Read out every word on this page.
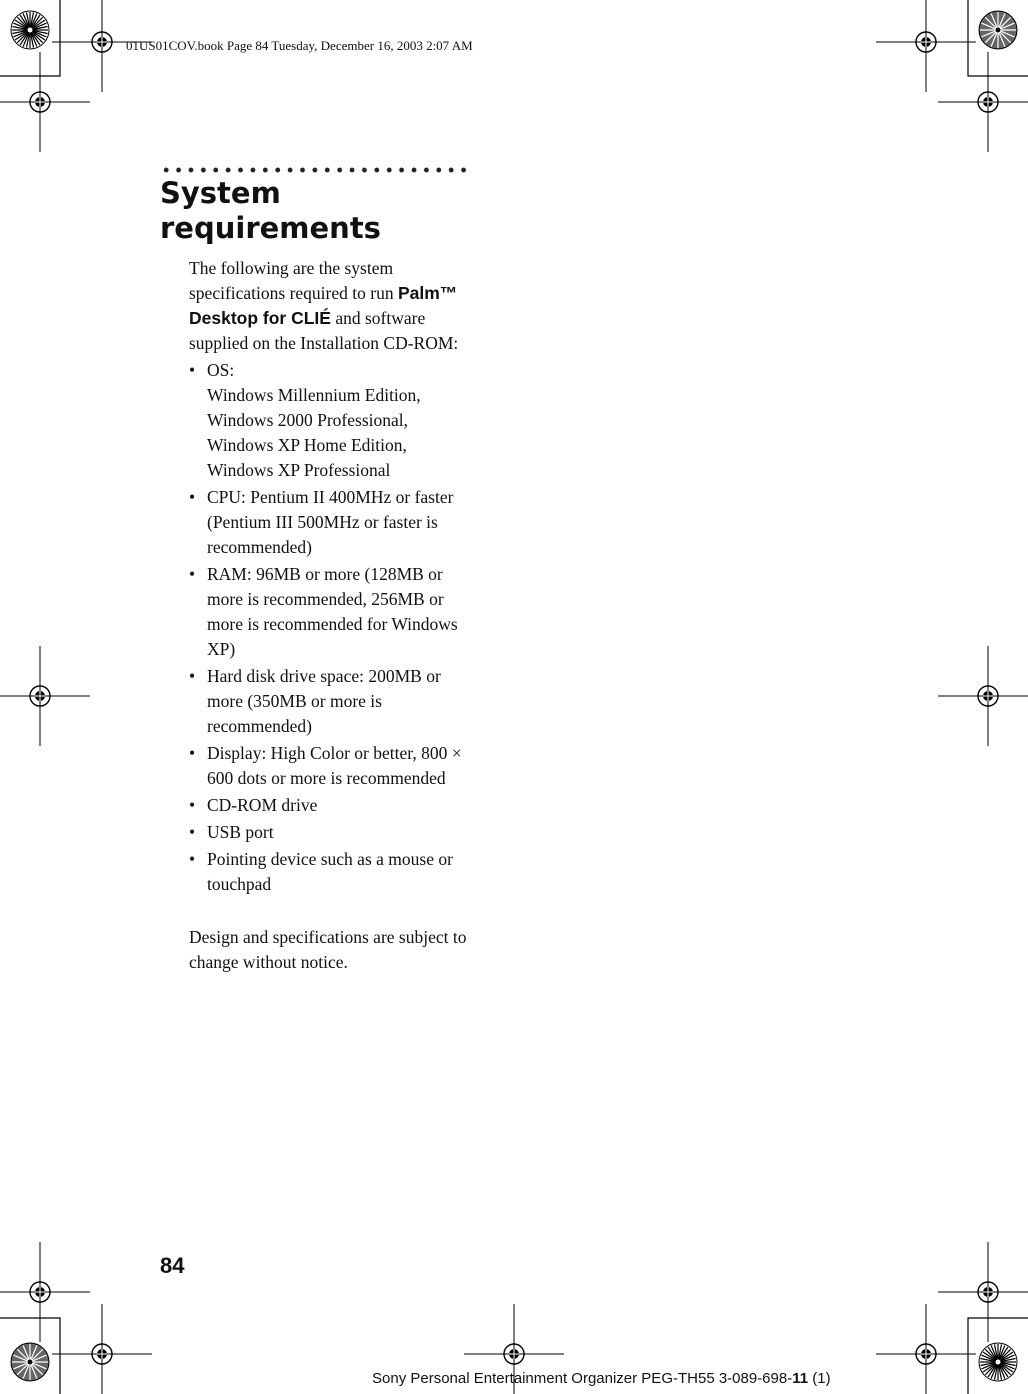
01US01COV.book Page 84 Tuesday, December 16, 2003 2:07 AM
System
requirements

The following are the system specifications required to run Palm™
Desktop for CLIÉ and software supplied on the Installation CD-ROM:

• OS:
Windows Millennium Edition,
Windows 2000 Professional,
Windows XP Home Edition,
Windows XP Professional
• CPU: Pentium II 400MHz or faster (Pentium III 500MHz or faster is recommended)
• RAM: 96MB or more (128MB or more is recommended, 256MB or more is recommended for Windows XP)
• Hard disk drive space: 200MB or more (350MB or more is recommended)
• Display: High Color or better, 800 × 600 dots or more is recommended
• CD-ROM drive
• USB port
• Pointing device such as a mouse or touchpad

Design and specifications are subject to change without notice.

84
Sony Personal Entertainment Organizer PEG-TH55 3-089-698-11 (1)
